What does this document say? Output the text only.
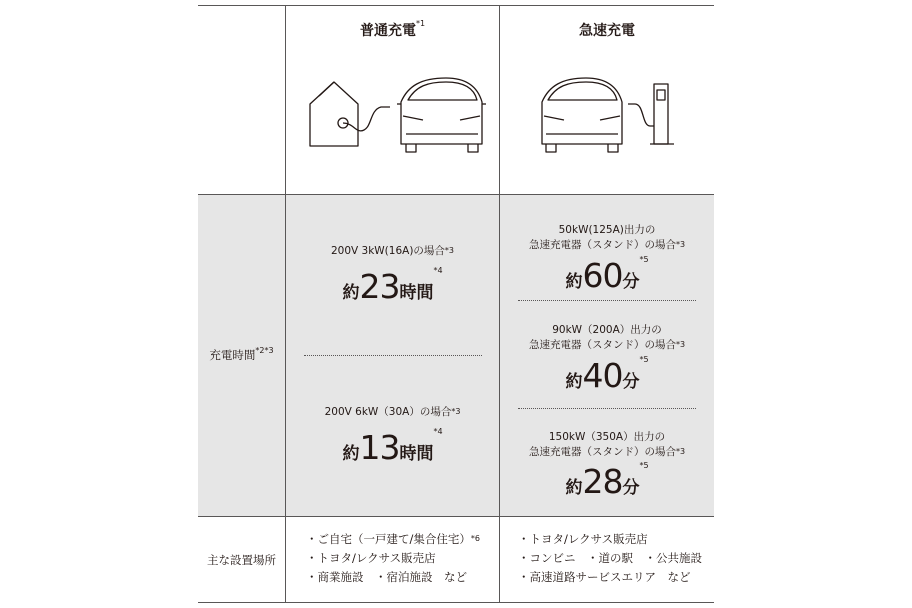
普通充電$^{*1}$	急速充電
充電時間$^{*2*3}$
200V 3kW(16A)の場合$^{*3}$
約23時間$^{*4}$
200V 6kW（30A）の場合$^{*3}$
約13時間$^{*4}$
50kW(125A)出力の
急速充電器（スタンド）の場合$^{*3}$
約60分$^{*5}$
90kW（200A）出力の
急速充電器（スタンド）の場合$^{*3}$
約40分$^{*5}$
150kW（350A）出力の
急速充電器（スタンド）の場合$^{*3}$
約28分$^{*5}$
主な設置場所
・ご自宅（一戸建て/集合住宅）$^{*6}$
・トヨタ/レクサス販売店
・商業施設　・宿泊施設　など
・トヨタ/レクサス販売店
・コンビニ　・道の駅　・公共施設
・高速道路サービスエリア　など
